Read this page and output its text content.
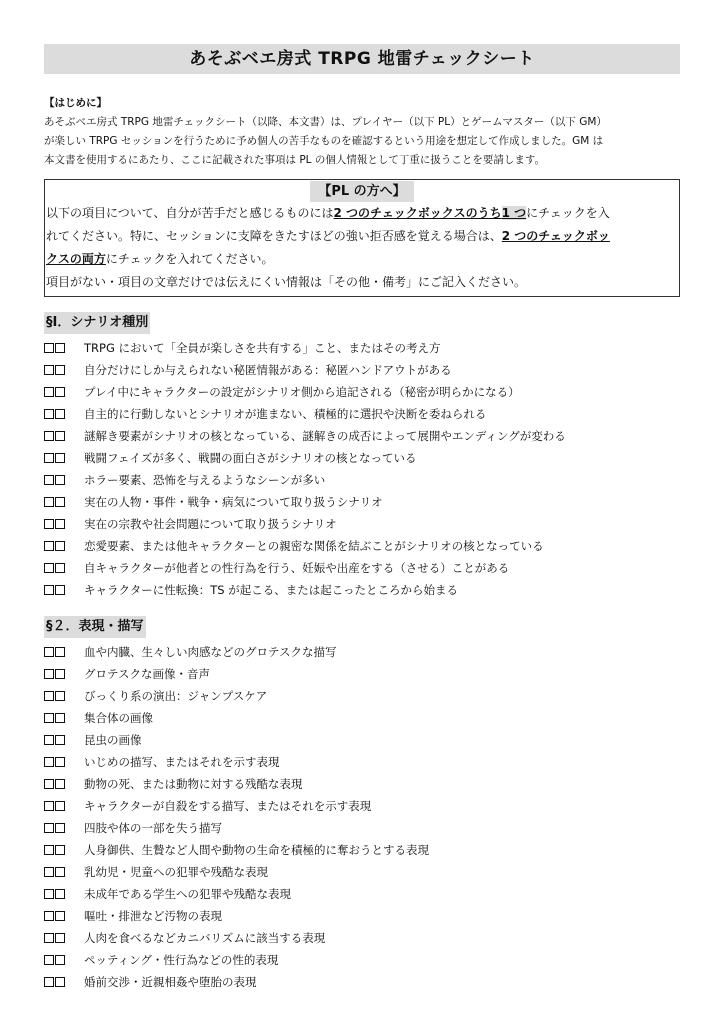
あそぶベエ房式 TRPG 地雷チェックシート
【はじめに】
あそぶベエ房式 TRPG 地雷チェックシート（以降、本文書）は、プレイヤー（以下 PL）とゲームマスター（以下 GM）
が楽しい TRPG セッションを行うために予め個人の苦手なものを確認するという用途を想定して作成しました。GM は
本文書を使用するにあたり、ここに記載された事項は PL の個人情報として丁重に扱うことを要請します。
【PL の方へ】
以下の項目について、自分が苦手だと感じるものには2 つのチェックボックスのうち1 つにチェックを入
れてください。特に、セッションに支障をきたすほどの強い拒否感を覚える場合は、2 つのチェックボッ
クスの両方にチェックを入れてください。
項目がない・項目の文章だけでは伝えにくい情報は「その他・備考」にご記入ください。
§Ⅰ．シナリオ種別
TRPG において「全員が楽しさを共有する」こと、またはその考え方
自分だけにしか与えられない秘匿情報がある：秘匿ハンドアウトがある
プレイ中にキャラクターの設定がシナリオ側から追記される（秘密が明らかになる）
自主的に行動しないとシナリオが進まない、積極的に選択や決断を委ねられる
謎解き要素がシナリオの核となっている、謎解きの成否によって展開やエンディングが変わる
戦闘フェイズが多く、戦闘の面白さがシナリオの核となっている
ホラー要素、恐怖を与えるようなシーンが多い
実在の人物・事件・戦争・病気について取り扱うシナリオ
実在の宗教や社会問題について取り扱うシナリオ
恋愛要素、または他キャラクターとの親密な関係を結ぶことがシナリオの核となっている
自キャラクターが他者との性行為を行う、妊娠や出産をする（させる）ことがある
キャラクターに性転換：TS が起こる、または起こったところから始まる
§２．表現・描写
血や内臓、生々しい肉感などのグロテスクな描写
グロテスクな画像・音声
びっくり系の演出：ジャンプスケア
集合体の画像
昆虫の画像
いじめの描写、またはそれを示す表現
動物の死、または動物に対する残酷な表現
キャラクターが自殺をする描写、またはそれを示す表現
四肢や体の一部を失う描写
人身御供、生贄など人間や動物の生命を積極的に奪おうとする表現
乳幼児・児童への犯罪や残酷な表現
未成年である学生への犯罪や残酷な表現
嘔吐・排泄など汚物の表現
人肉を食べるなどカニバリズムに該当する表現
ペッティング・性行為などの性的表現
婚前交渉・近親相姦や堕胎の表現
